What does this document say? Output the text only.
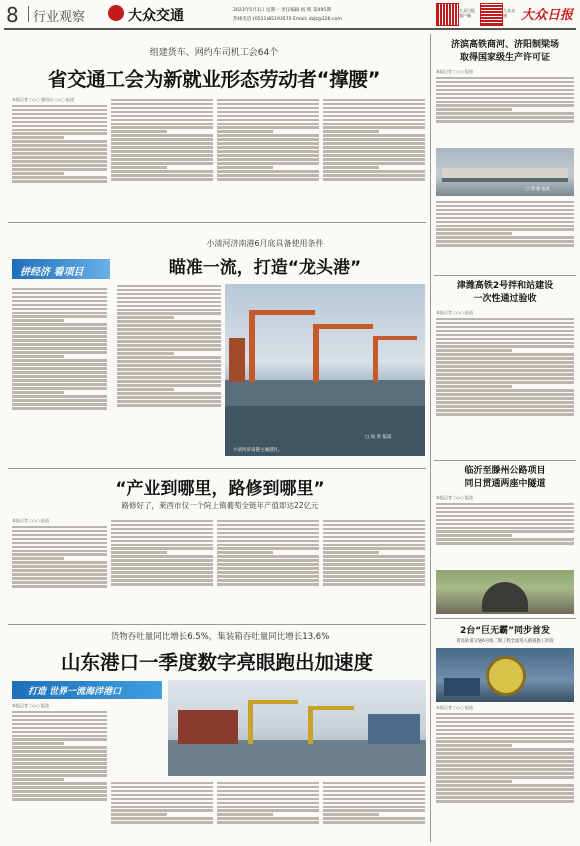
8 行业观察	大众交通	2023年5月1日 星期一 责任编辑 杨 辉 第495期
热线电话:(0531)85193570 Email: dzjt@126.com
大众日报客户端
大众交通	大众日报
组建货车、网约车司机工会64个
省交通工会为新就业形态劳动者“撑腰”
本报记者 ○○○ 通讯员 ○○○ 报道
小清河济南港6月底具备使用条件
瞄准一流，打造“龙头港”
拼经济 看项目
小清河济南港主城港区。
□ 尚 青 报道
“产业到哪里，路修到哪里”
路修好了，莱西市仅一个院上镇葡萄全链年产值即达22亿元
本报记者 ○○○ 报道
货物吞吐量同比增长6.5%，集装箱吞吐量同比增长13.6%
山东港口一季度数字亮眼跑出加速度
打造 世界一流海洋港口
本报记者 ○○○ 报道
济滨高铁商河、济阳制梁场
取得国家级生产许可证
本报记者 ○○○ 报道
□ 徐 鹏 报道
津潍高铁2号拌和站建设
一次性通过验收
本报记者 ○○○ 报道
临沂至滕州公路项目
同日贯通两座中隧道
本报记者 ○○○ 报道
2台“巨无霸”同步首发
青岛轨道交通6号线二期工程全面进入隧道施工阶段
本报记者 ○○○ 报道
